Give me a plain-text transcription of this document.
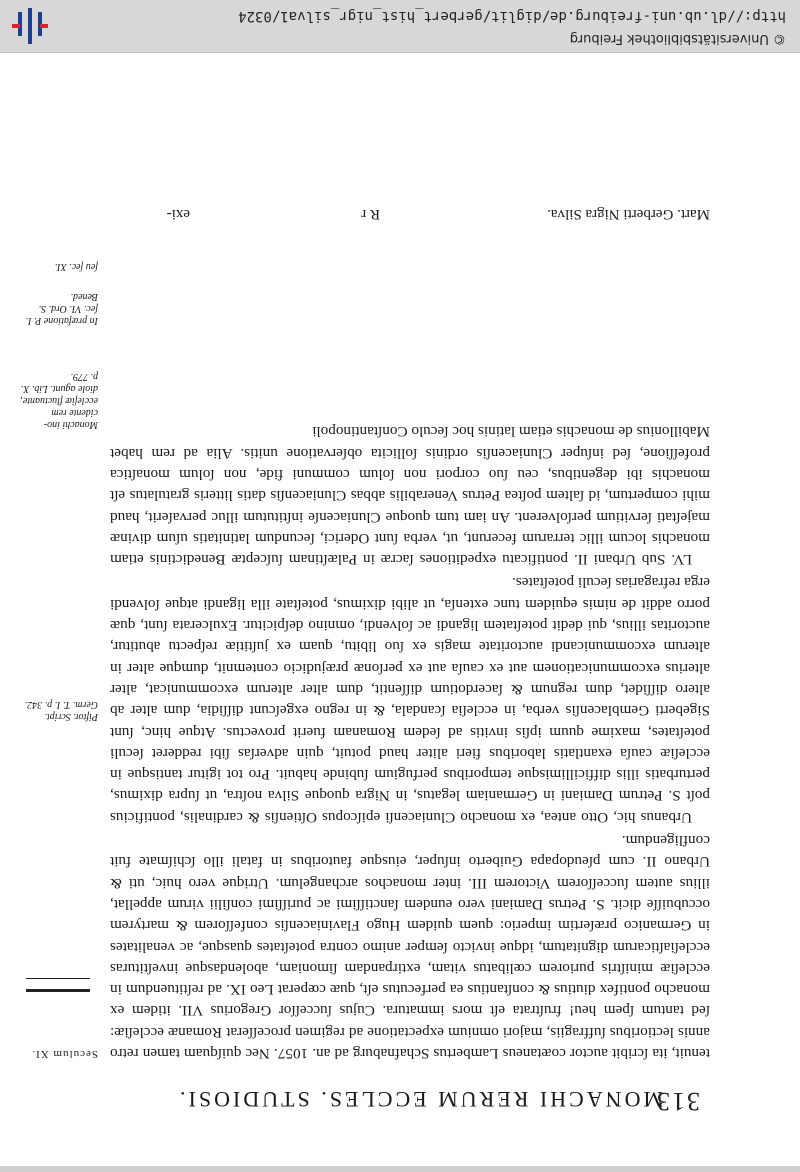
MONACHI RERUM ECCLES. STUDIOSI.
313
Seculum XI. tenuit, ita ſcribit auctor coætaneus Lambertus Schafnaburg ad an. 1057. Nec quiſquam tamen retro annis lectioribus ſuffragiis, majori omnium expectatione ad regimen proceſſerat Romanæ eccleſiæ: ſed tantum ſpem heu! fruſtrata eſt mors immatura. Cujus ſucceſſor Gregorius VII. itidem ex monacho pontifex diutius & conſtantius ea perfecutus eſt, quæ cœperat Leo IX. ad reſtituendum in eccleſiæ miniſtris puriorem cœlibatus vitam, extirpandam ſimoniam, abolendasque inveſtituras eccleſiaſticarum dignitatum, idque invicto ſemper animo contra poteſtates quasque, ac venalitates in Germanico præſertim imperio: quem quidem Hugo Flaviniacenſis confeſſorem & martyrem occubuiſſe dicit. S. Petrus Damiani vero eundem ſanctiſſimi ac puriſſimi conſilii virum appellat, illius autem ſucceſſorem Victorem III. inter monachos archangelum. Utrique vero huic, uti & Urbano II. cum pſeudopapa Guiberto inſuper, eiusque fautoribus in fatali illo ſchiſmate fuit confligendum.

Urbanus hic, Otto antea, ex monacho Cluniacenſi epiſcopus Oſtienſis & cardinalis, pontificius poſt S. Petrum Damiani in Germaniam legatus, in Nigra quoque Silva noſtra, ut ſupra diximus, perturbatis illis difficillimisque temporibus perfugium ſubinde habuit. Pro tot igitur tantisque in eccleſiæ cauſa exantlatis laboribus fieri aliter haud potuit, quin adverſas ſibi redderet ſeculi poteſtates, maxime quum ipſis invitis ad ſedem Romanam fuerit provectus. Atque hinc, ſunt Sigeberti Gemblacenſis verba, in eccleſia ſcandala, & in regno exgeſcunt diſſidia, dum alter ab altero diſſidet, dum regnum & ſacerdotium diſſentit, dum alter alterum excommunicat, alter alterius excommunicationem aut ex cauſa aut ex perſonæ præjudicio contemnit, dumque alter in alterum excommunicandi auctoritate magis ex ſuo libitu, quam ex juſtitiæ reſpectu abutitur, auctoritas illius, qui dedit poteſtatem ligandi ac ſolvendi, omnino deſpicitur. Exulcerata ſunt, quæ porro addit de nimis equidem tunc extenſa, ut alibi diximus, poteſtate illa ligandi atque ſolvendi erga refragarias ſeculi poteſtates.

LV. Sub Urbani II. pontificatu expeditiones ſacræ in Palæſtinam ſuſceptæ Benedictinis etiam monachis locum illic terrarum fecerunt, ut, verba ſunt Oderici, ſecundum latinitatis uſum divinæ majeſtati ſervitium perſolverent. An iam tum quoque Cluniacenſe inſtitutum illuc pervaſerit, haud mihi compertum, id ſaltem poſtea Petrus Venerabilis abbas Cluniacenſis datis litteris gratulatus eſt monachis ibi degentibus, ceu ſuo corpori non ſolum communi fide, non ſolum monaſtica profeſſione, ſed inſuper Cluniacenſis ordinis ſollicita obſervatione unitis. Alia ad rem habet Mabillonius de monachis etiam latinis hoc ſeculo Conſtantinopoli

Piftor. Script. Germ. T. I. p. 342.
Monachi ino-cidente rem eccleſiæ fluctuante, diole agunt. Lib. X. p. 779.
In præfatione P. I. ſec. VI. Ord. S. Bened.
ſeu ſec. XI.
Mart. Gerberti Nigra Silva.
R r
exi-
© Universitätsbibliothek Freiburg
http://dl.ub.uni-freiburg.de/diglit/gerbert_hist_nigr_silva1/0324
